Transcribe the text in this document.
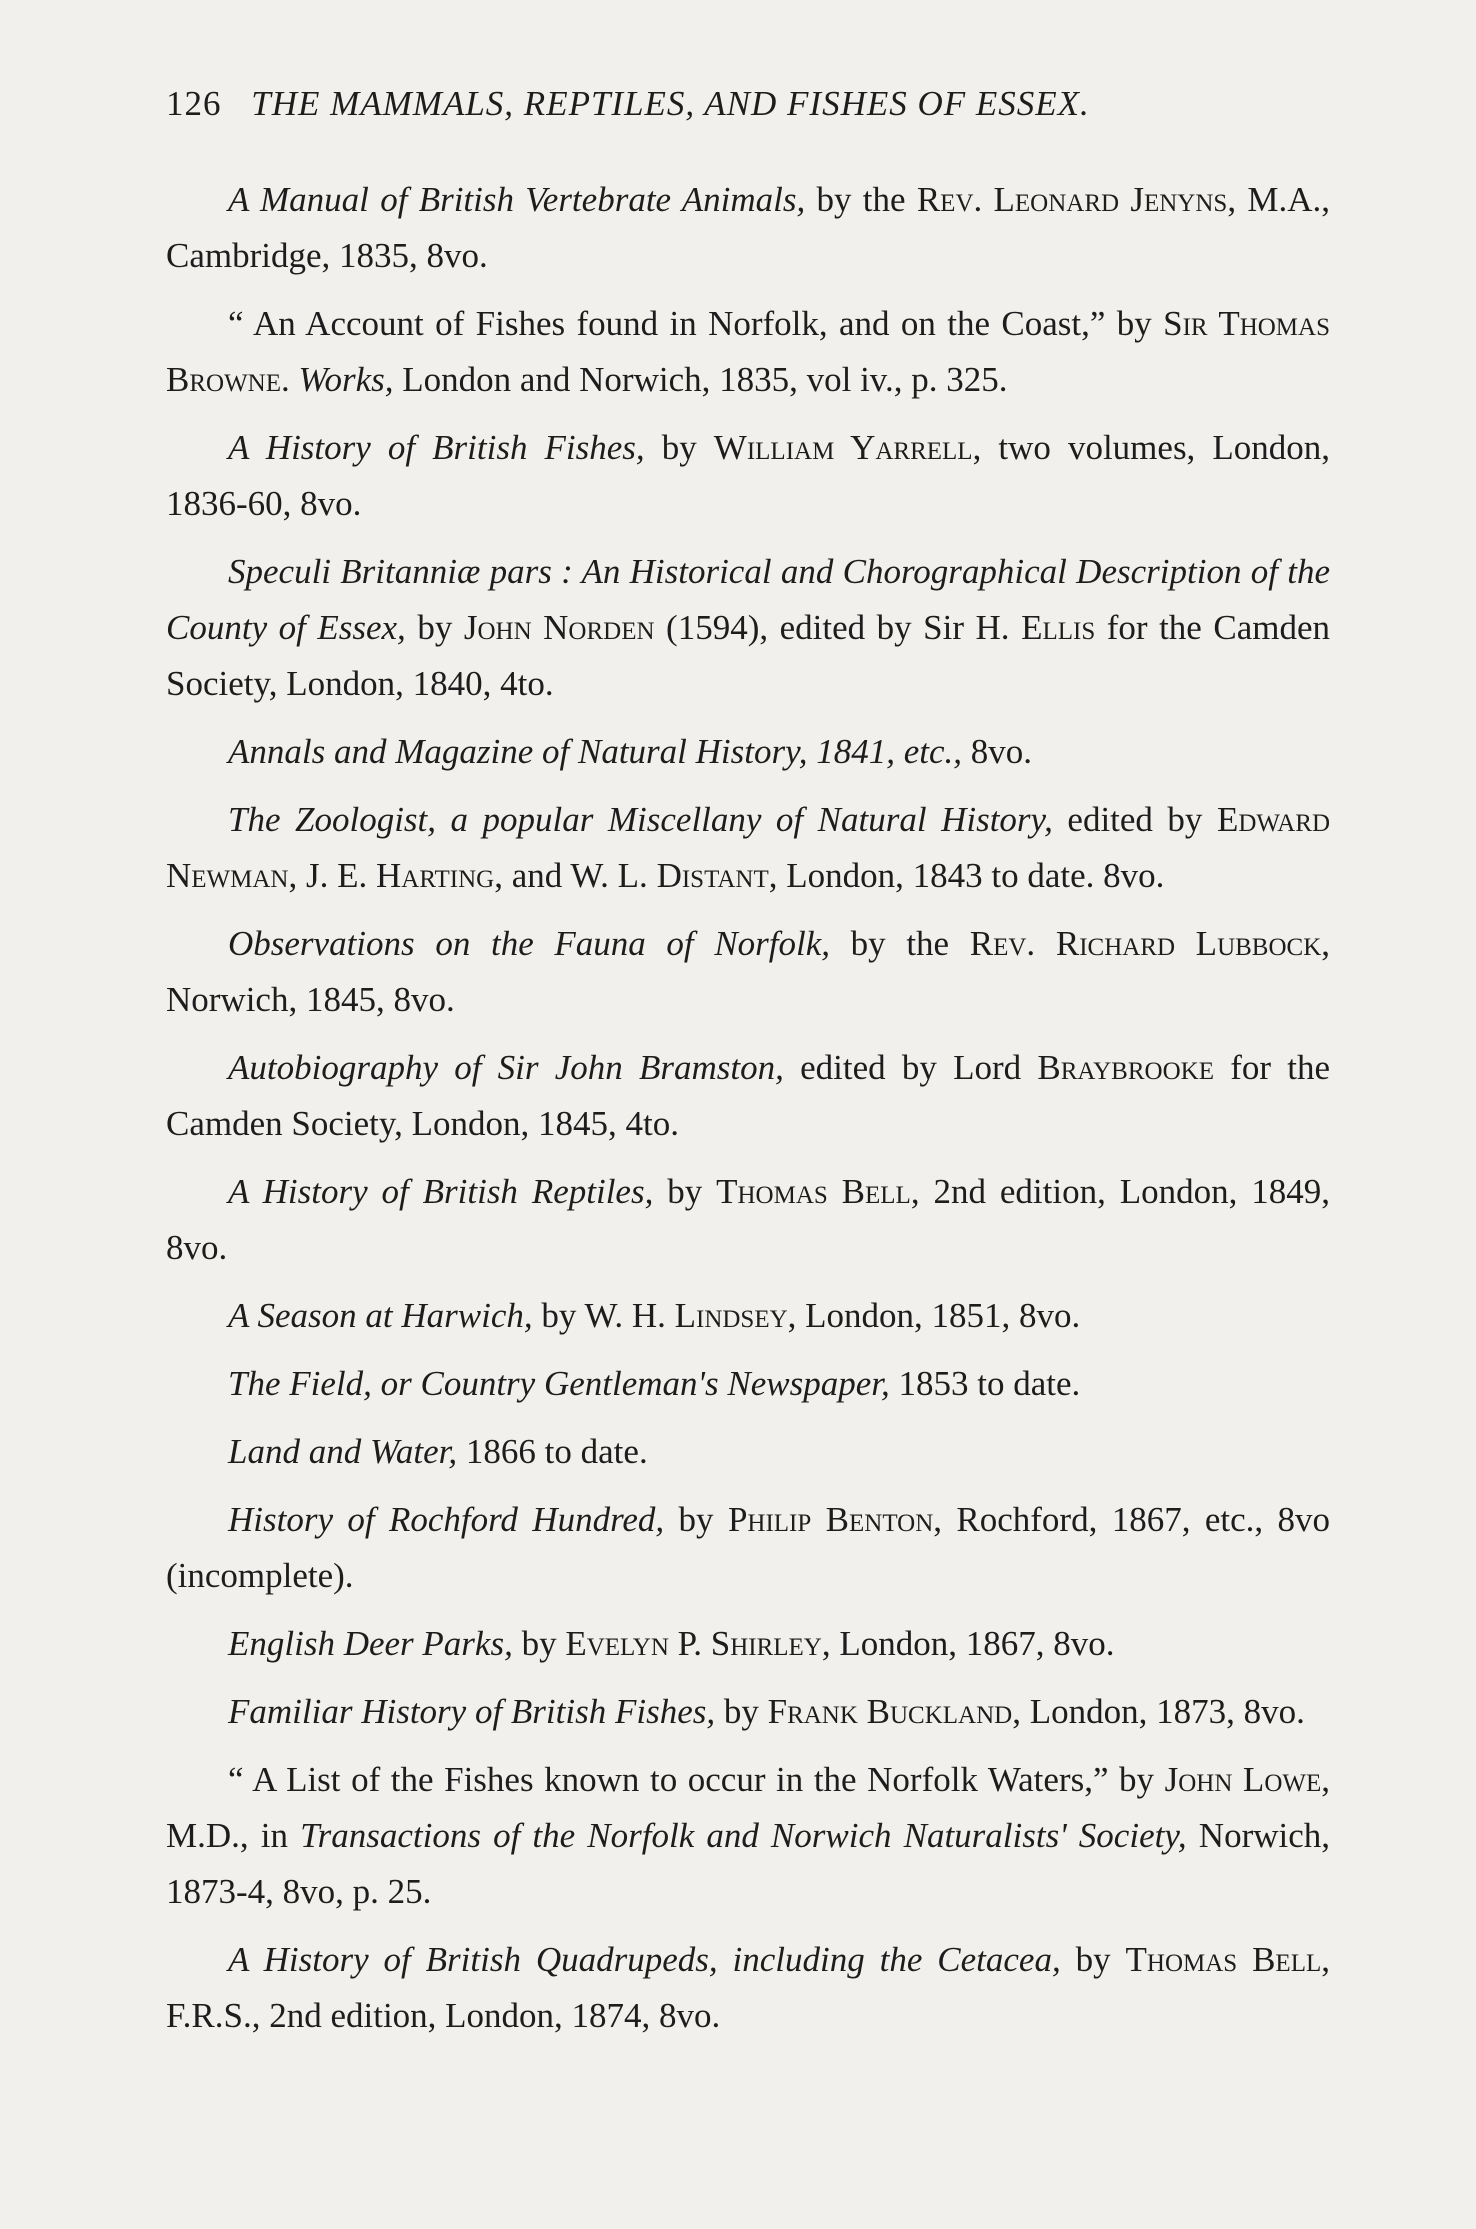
126 THE MAMMALS, REPTILES, AND FISHES OF ESSEX.

A Manual of British Vertebrate Animals, by the Rev. Leonard Jenyns, M.A., Cambridge, 1835, 8vo.

“ An Account of Fishes found in Norfolk, and on the Coast,” by Sir Thomas Browne. Works, London and Norwich, 1835, vol iv., p. 325.

A History of British Fishes, by William Yarrell, two volumes, London, 1836-60, 8vo.

Speculi Britanniæ pars : An Historical and Chorographical Description of the County of Essex, by John Norden (1594), edited by Sir H. Ellis for the Camden Society, London, 1840, 4to.

Annals and Magazine of Natural History, 1841, etc., 8vo.

The Zoologist, a popular Miscellany of Natural History, edited by Edward Newman, J. E. Harting, and W. L. Distant, London, 1843 to date. 8vo.

Observations on the Fauna of Norfolk, by the Rev. Richard Lubbock, Norwich, 1845, 8vo.

Autobiography of Sir John Bramston, edited by Lord Braybrooke for the Camden Society, London, 1845, 4to.

A History of British Reptiles, by Thomas Bell, 2nd edition, London, 1849, 8vo.

A Season at Harwich, by W. H. Lindsey, London, 1851, 8vo.

The Field, or Country Gentleman's Newspaper, 1853 to date.

Land and Water, 1866 to date.

History of Rochford Hundred, by Philip Benton, Rochford, 1867, etc., 8vo (incomplete).

English Deer Parks, by Evelyn P. Shirley, London, 1867, 8vo.

Familiar History of British Fishes, by Frank Buckland, London, 1873, 8vo.

“ A List of the Fishes known to occur in the Norfolk Waters,” by John Lowe, M.D., in Transactions of the Norfolk and Norwich Naturalists' Society, Norwich, 1873-4, 8vo, p. 25.

A History of British Quadrupeds, including the Cetacea, by Thomas Bell, F.R.S., 2nd edition, London, 1874, 8vo.
